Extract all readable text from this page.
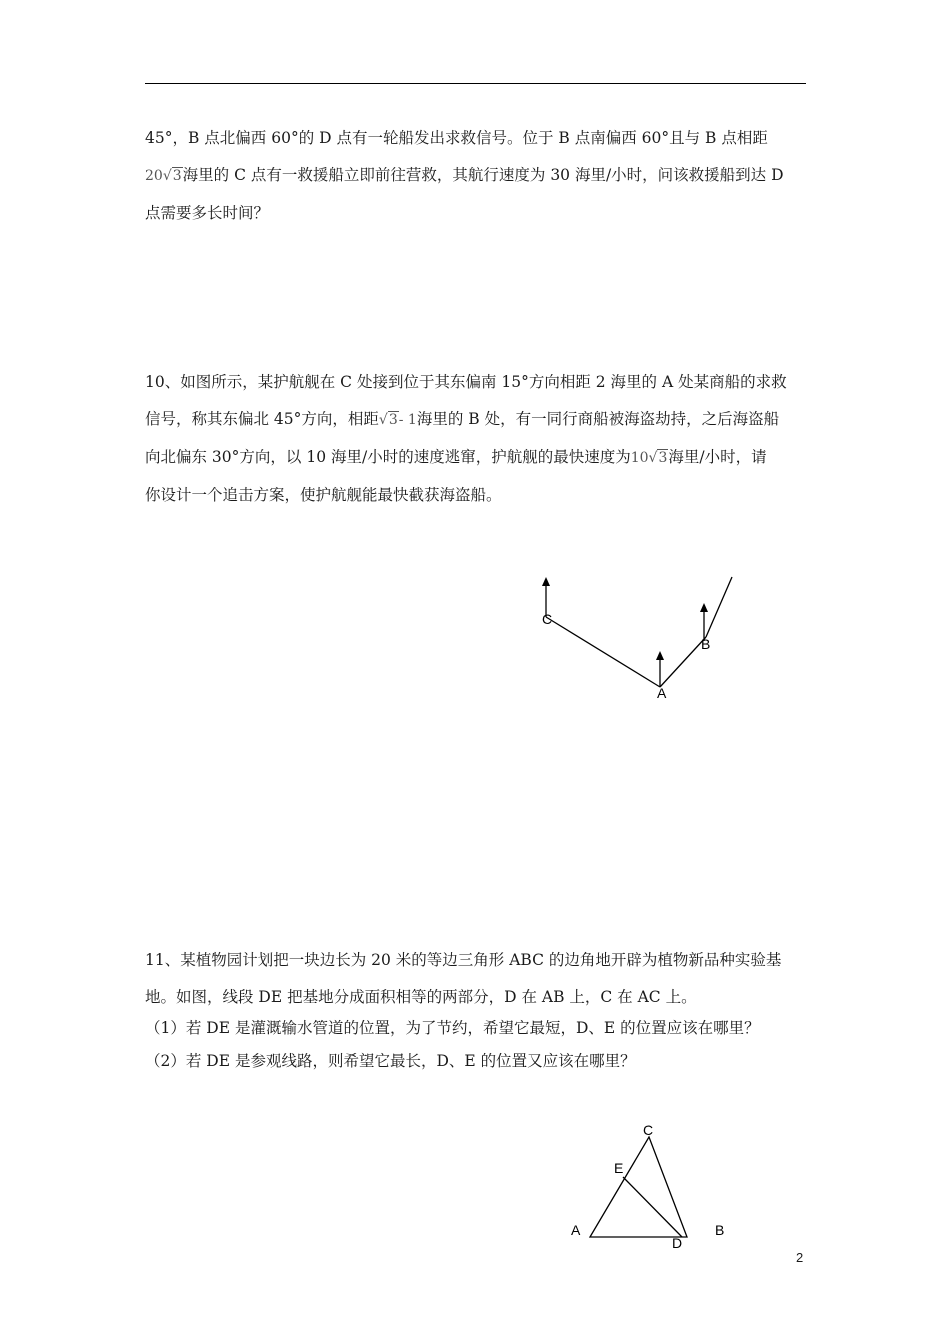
45°，B 点北偏西 60°的 D 点有一轮船发出求救信号。位于 B 点南偏西 60°且与 B 点相距
20√3海里的 C 点有一救援船立即前往营救，其航行速度为 30 海里/小时，问该救援船到达 D
点需要多长时间？
10、如图所示，某护航舰在 C 处接到位于其东偏南 15°方向相距 2 海里的 A 处某商船的求救
信号，称其东偏北 45°方向，相距√3- 1海里的 B 处，有一同行商船被海盗劫持，之后海盗船
向北偏东 30°方向，以 10 海里/小时的速度逃窜，护航舰的最快速度为10√3海里/小时，请
你设计一个追击方案，使护航舰能最快截获海盗船。
C
A
B
11、某植物园计划把一块边长为 20 米的等边三角形 ABC 的边角地开辟为植物新品种实验基
地。如图，线段 DE 把基地分成面积相等的两部分，D 在 AB 上，C 在 AC 上。
（1）若 DE 是灌溉输水管道的位置，为了节约，希望它最短，D、E 的位置应该在哪里？
（2）若 DE 是参观线路，则希望它最长，D、E 的位置又应该在哪里？
C
E
A	B
D
2
